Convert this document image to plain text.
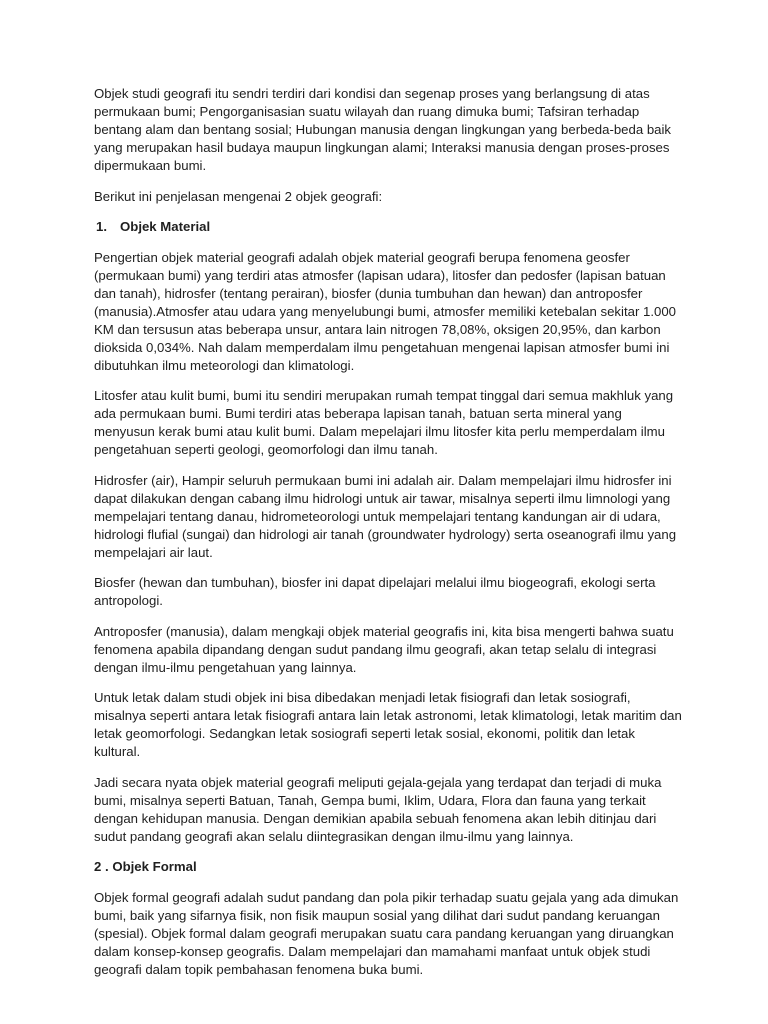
Objek studi geografi itu sendri terdiri dari kondisi dan segenap proses yang berlangsung di atas permukaan bumi; Pengorganisasian suatu wilayah dan ruang dimuka bumi; Tafsiran terhadap bentang alam dan bentang sosial; Hubungan manusia dengan lingkungan yang berbeda-beda baik yang merupakan hasil budaya maupun lingkungan alami; Interaksi manusia dengan proses-proses dipermukaan bumi.

Berikut ini penjelasan mengenai 2 objek geografi:

1. Objek Material

Pengertian objek material geografi adalah objek material geografi berupa fenomena geosfer (permukaan bumi) yang terdiri atas atmosfer (lapisan udara), litosfer dan pedosfer (lapisan batuan dan tanah), hidrosfer (tentang perairan), biosfer (dunia tumbuhan dan hewan) dan antroposfer (manusia).Atmosfer atau udara yang menyelubungi bumi, atmosfer memiliki ketebalan sekitar 1.000 KM dan tersusun atas beberapa unsur, antara lain nitrogen 78,08%, oksigen 20,95%, dan karbon dioksida 0,034%. Nah dalam memperdalam ilmu pengetahuan mengenai lapisan atmosfer bumi ini dibutuhkan ilmu meteorologi dan klimatologi.

Litosfer atau kulit bumi, bumi itu sendiri merupakan rumah tempat tinggal dari semua makhluk yang ada permukaan bumi. Bumi terdiri atas beberapa lapisan tanah, batuan serta mineral yang menyusun kerak bumi atau kulit bumi. Dalam mepelajari ilmu litosfer kita perlu memperdalam ilmu pengetahuan seperti geologi, geomorfologi dan ilmu tanah.

Hidrosfer (air), Hampir seluruh permukaan bumi ini adalah air. Dalam mempelajari ilmu hidrosfer ini dapat dilakukan dengan cabang ilmu hidrologi untuk air tawar, misalnya seperti ilmu limnologi yang mempelajari tentang danau, hidrometeorologi untuk mempelajari tentang kandungan air di udara, hidrologi flufial (sungai) dan hidrologi air tanah (groundwater hydrology) serta oseanografi ilmu yang mempelajari air laut.

Biosfer (hewan dan tumbuhan), biosfer ini dapat dipelajari melalui ilmu biogeografi, ekologi serta antropologi.

Antroposfer (manusia), dalam mengkaji objek material geografis ini, kita bisa mengerti bahwa suatu fenomena apabila dipandang dengan sudut pandang ilmu geografi, akan tetap selalu di integrasi dengan ilmu-ilmu pengetahuan yang lainnya.

Untuk letak dalam studi objek ini bisa dibedakan menjadi letak fisiografi dan letak sosiografi, misalnya seperti antara letak fisiografi antara lain letak astronomi, letak klimatologi, letak maritim dan letak geomorfologi. Sedangkan letak sosiografi seperti letak sosial, ekonomi, politik dan letak kultural.

Jadi secara nyata objek material geografi meliputi gejala-gejala yang terdapat dan terjadi di muka bumi, misalnya seperti Batuan, Tanah, Gempa bumi, Iklim, Udara, Flora dan fauna yang terkait dengan kehidupan manusia. Dengan demikian apabila sebuah fenomena akan lebih ditinjau dari sudut pandang geografi akan selalu diintegrasikan dengan ilmu-ilmu yang lainnya.

2 . Objek Formal

Objek formal geografi adalah sudut pandang dan pola pikir terhadap suatu gejala yang ada dimukan bumi, baik yang sifarnya fisik, non fisik maupun sosial yang dilihat dari sudut pandang keruangan (spesial). Objek formal dalam geografi merupakan suatu cara pandang keruangan yang diruangkan dalam konsep-konsep geografis. Dalam mempelajari dan mamahami manfaat untuk objek studi geografi dalam topik pembahasan fenomena buka bumi.
